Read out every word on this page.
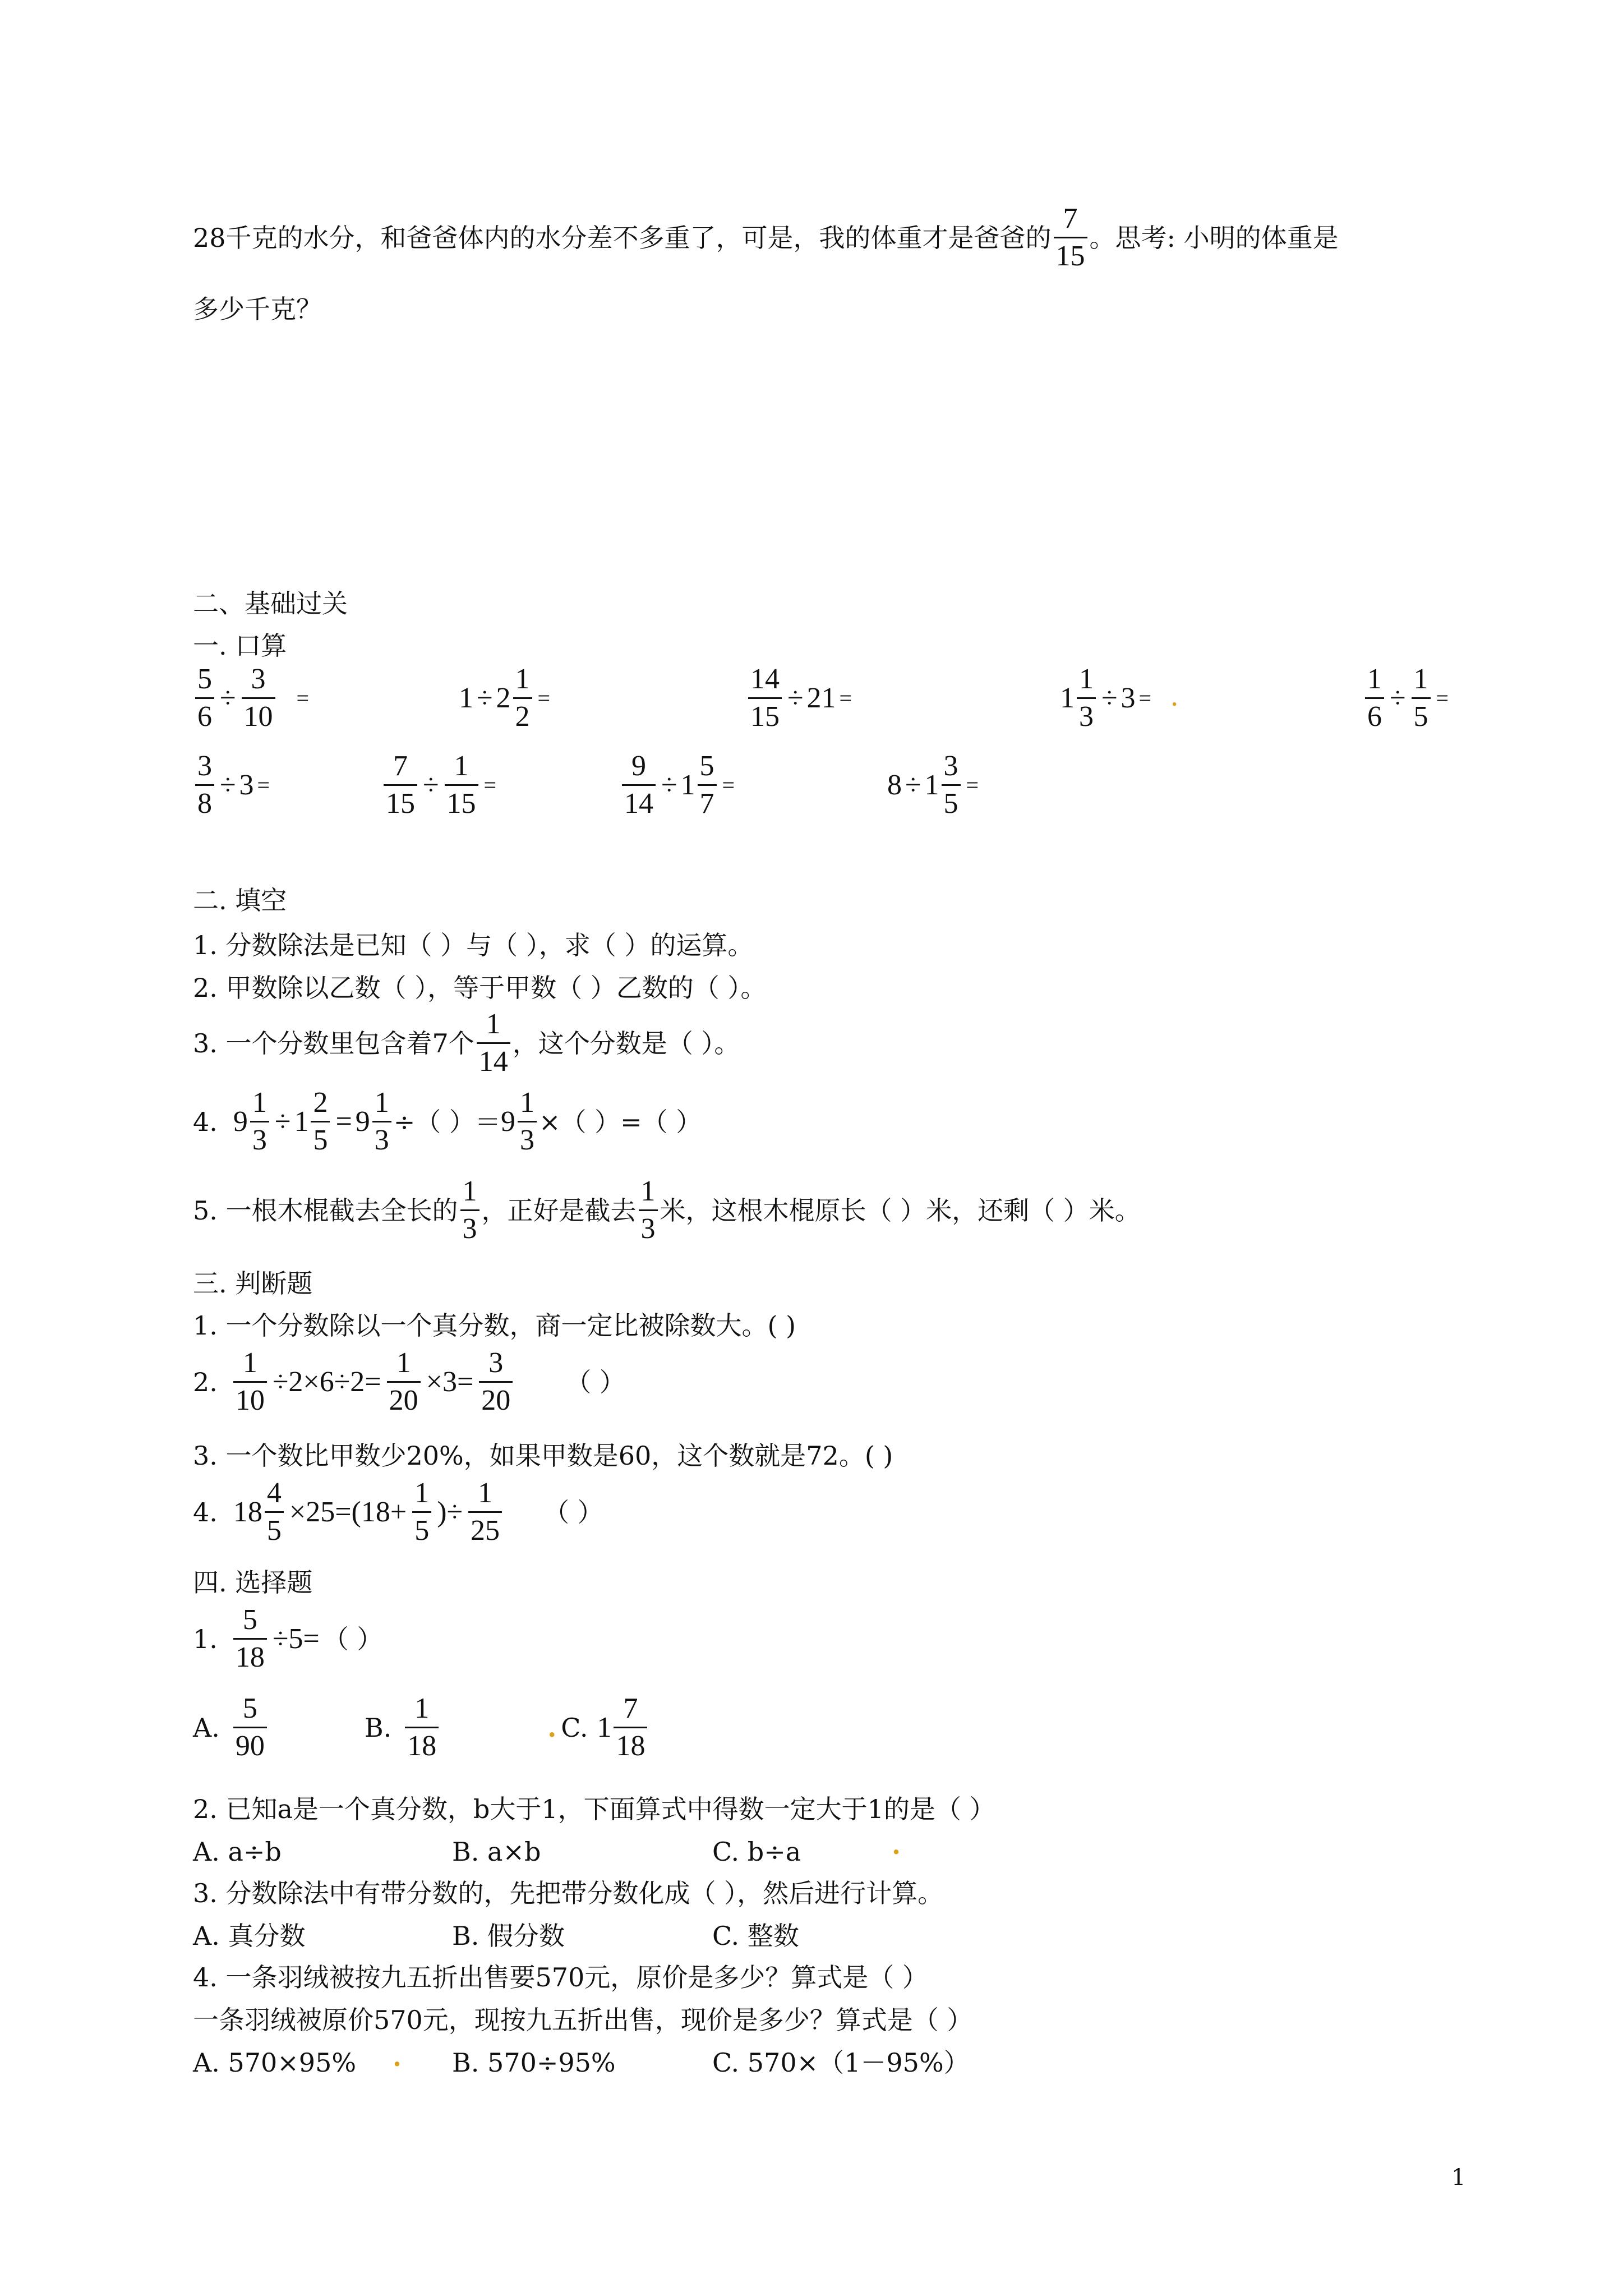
28千克的水分，和爸爸体内的水分差不多重了，可是，我的体重才是爸爸的 $\frac{7}{15}$ 。思考: 小明的体重是
多少千克？
二、基础过关
一. 口算
$\frac{5}{6} \div \frac{3}{10}$ =	$1 \div 2 \frac{1}{2}$ =	$\frac{14}{15} \div 21$ =	$1 \frac{1}{3} \div 3$ = .	$\frac{1}{6} \div \frac{1}{5}$ =
$\frac{3}{8} \div 3$ =	$\frac{7}{15} \div \frac{1}{15}$ =	$\frac{9}{14} \div 1 \frac{5}{7}$ =	$8 \div 1 \frac{3}{5}$ =
二. 填空
1. 分数除法是已知（ ）与（ ），求（ ）的运算。
2. 甲数除以乙数（ ），等于甲数（ ）乙数的（ ）。
3. 一个分数里包含着7个 $\frac{1}{14}$ ，这个分数是（ ）。
4. $9 \frac{1}{3} \div 1 \frac{2}{5} = 9 \frac{1}{3}$ ÷（ ）＝ $9 \frac{1}{3}$ ×（ ）=（ ）
5. 一根木棍截去全长的 $\frac{1}{3}$ ，正好是截去 $\frac{1}{3}$ 米，这根木棍原长（ ）米，还剩（ ）米。
三. 判断题
1. 一个分数除以一个真分数，商一定比被除数大。( )
2. $\frac{1}{10} \div 2\times 6\div 2= \frac{1}{20} \times 3= \frac{3}{20}$ （ ）
3. 一个数比甲数少20%，如果甲数是60，这个数就是72。( )
4. $18 \frac{4}{5} \times 25=(18+ \frac{1}{5}$ )÷ $\frac{1}{25}$ （ ）
四. 选择题
1. $\frac{5}{18} \div 5=$ （ ）
A. $\frac{5}{90}$	B. $\frac{1}{18}$	. C. $1 \frac{7}{18}$
2. 已知a是一个真分数，b大于1，下面算式中得数一定大于1的是（ ）
A. a÷b	B. a×b	C. b÷a	.
3. 分数除法中有带分数的，先把带分数化成（ ），然后进行计算。
A. 真分数	B. 假分数	C. 整数
4. 一条羽绒被按九五折出售要570元，原价是多少？算式是（ ）
一条羽绒被原价570元，现按九五折出售，现价是多少？算式是（ ）
A. 570×95% . B. 570÷95%	C. 570×（1－95%）
1
